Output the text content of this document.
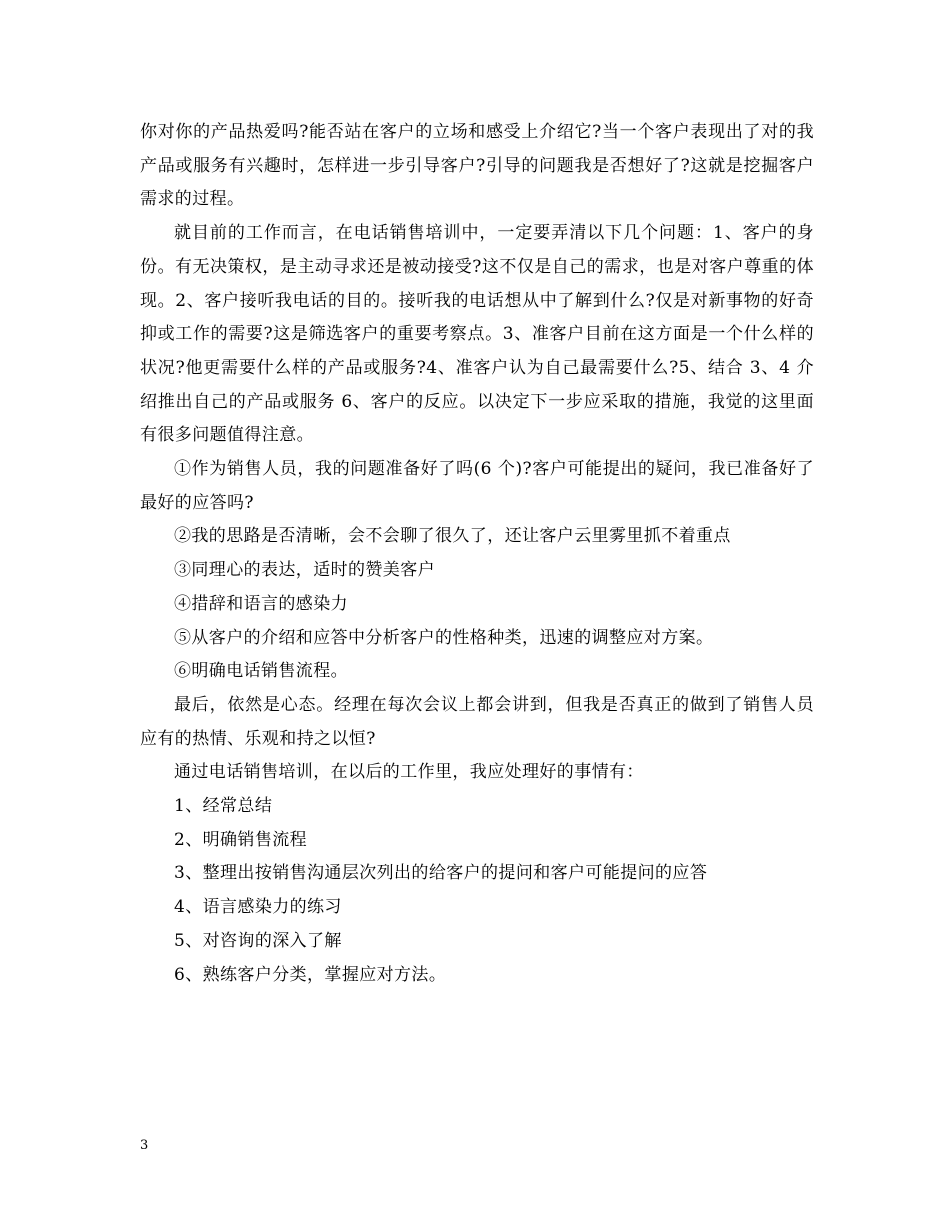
你对你的产品热爱吗?能否站在客户的立场和感受上介绍它?当一个客户表现出了对的我产品或服务有兴趣时，怎样进一步引导客户?引导的问题我是否想好了?这就是挖掘客户需求的过程。

就目前的工作而言，在电话销售培训中，一定要弄清以下几个问题：1、客户的身份。有无决策权，是主动寻求还是被动接受?这不仅是自己的需求，也是对客户尊重的体现。2、客户接听我电话的目的。接听我的电话想从中了解到什么?仅是对新事物的好奇抑或工作的需要?这是筛选客户的重要考察点。3、准客户目前在这方面是一个什么样的状况?他更需要什么样的产品或服务?4、准客户认为自己最需要什么?5、结合 3、4 介绍推出自己的产品或服务 6、客户的反应。以决定下一步应采取的措施，我觉的这里面有很多问题值得注意。

①作为销售人员，我的问题准备好了吗(6 个)?客户可能提出的疑问，我已准备好了最好的应答吗?

②我的思路是否清晰，会不会聊了很久了，还让客户云里雾里抓不着重点

③同理心的表达，适时的赞美客户

④措辞和语言的感染力

⑤从客户的介绍和应答中分析客户的性格种类，迅速的调整应对方案。

⑥明确电话销售流程。

最后，依然是心态。经理在每次会议上都会讲到，但我是否真正的做到了销售人员应有的热情、乐观和持之以恒?

通过电话销售培训，在以后的工作里，我应处理好的事情有：

1、经常总结

2、明确销售流程

3、整理出按销售沟通层次列出的给客户的提问和客户可能提问的应答

4、语言感染力的练习

5、对咨询的深入了解

6、熟练客户分类，掌握应对方法。

3
